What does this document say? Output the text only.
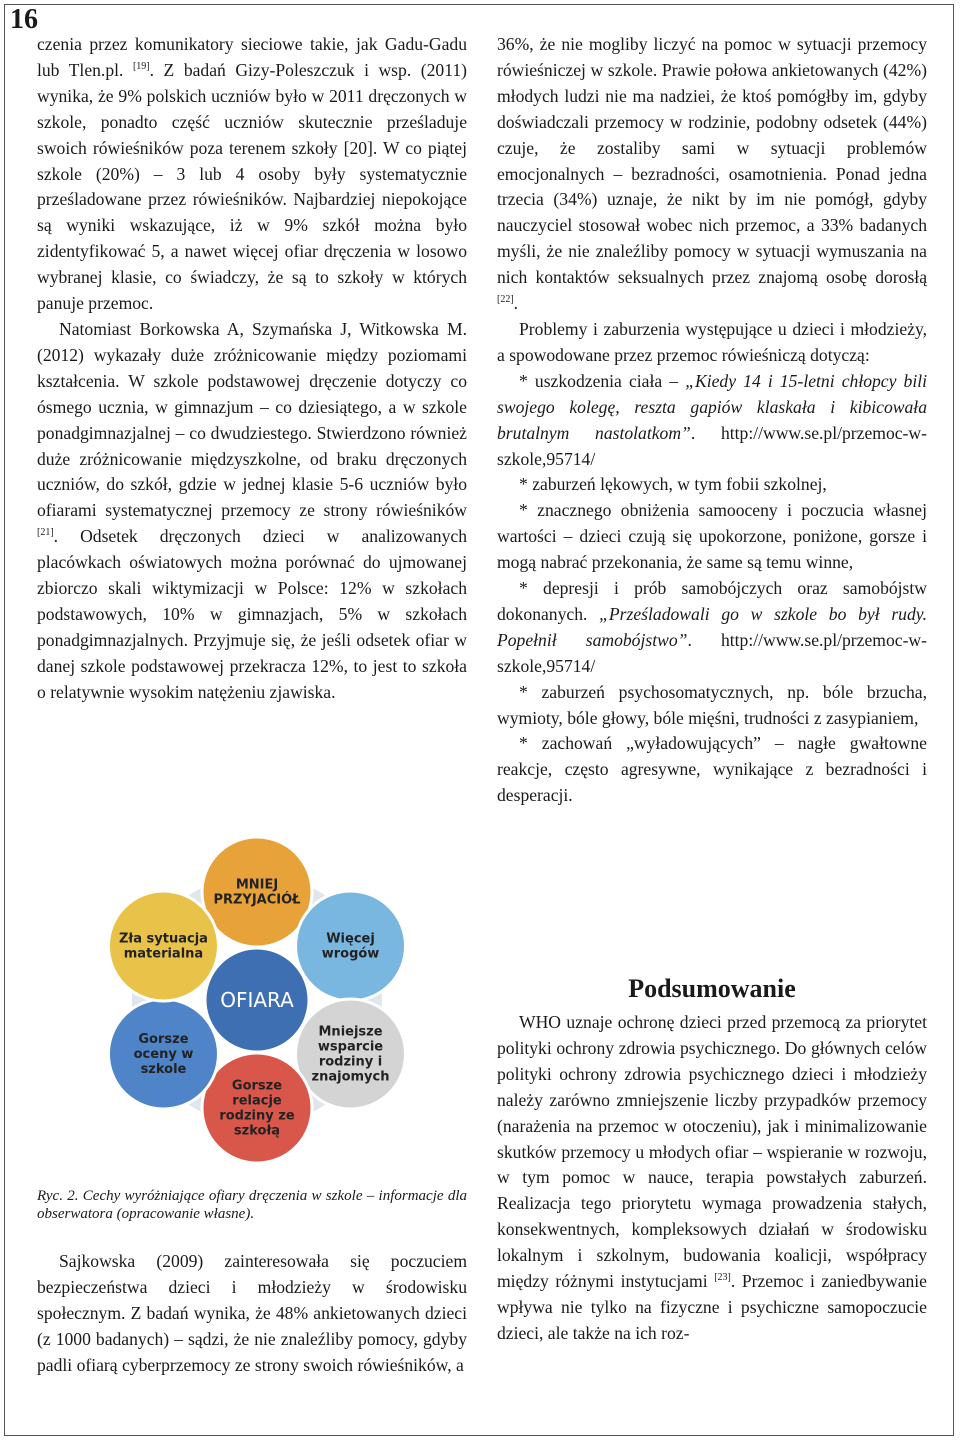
16

czenia przez komunikatory sieciowe takie, jak Gadu-Gadu lub Tlen.pl. [19]. Z badań Gizy-Poleszczuk i wsp. (2011) wynika, że 9% polskich uczniów było w 2011 dręczonych w szkole, ponadto część uczniów skutecznie prześladuje swoich rówieśników poza terenem szkoły [20]. W co piątej szkole (20%) – 3 lub 4 osoby były systematycznie prześladowane przez rówieśników. Najbardziej niepokojące są wyniki wskazujące, iż w 9% szkół można było zidentyfikować 5, a nawet więcej ofiar dręczenia w losowo wybranej klasie, co świadczy, że są to szkoły w których panuje przemoc.

Natomiast Borkowska A, Szymańska J, Witkowska M. (2012) wykazały duże zróżnicowanie między poziomami kształcenia. W szkole podstawowej dręczenie dotyczy co ósmego ucznia, w gimnazjum – co dziesiątego, a w szkole ponadgimnazjalnej – co dwudziestego. Stwierdzono również duże zróżnicowanie międzyszkolne, od braku dręczonych uczniów, do szkół, gdzie w jednej klasie 5-6 uczniów było ofiarami systematycznej przemocy ze strony rówieśników [21]. Odsetek dręczonych dzieci w analizowanych placówkach oświatowych można porównać do ujmowanej zbiorczo skali wiktymizacji w Polsce: 12% w szkołach podstawowych, 10% w gimnazjach, 5% w szkołach ponadgimnazjalnych. Przyjmuje się, że jeśli odsetek ofiar w danej szkole podstawowej przekracza 12%, to jest to szkoła o relatywnie wysokim natężeniu zjawiska.

MNIEJ PRZYJACIÓŁ
Więcej wrogów
Mniejsze wsparcie rodziny i znajomych
Gorsze relacje rodziny ze szkołą
Gorsze oceny w szkole
Zła sytuacja materialna
OFIARA
Ryc. 2. Cechy wyróżniające ofiary dręczenia w szkole – informacje dla obserwatora (opracowanie własne).

Sajkowska (2009) zainteresowała się poczuciem bezpieczeństwa dzieci i młodzieży w środowisku społecznym. Z badań wynika, że 48% ankietowanych dzieci (z 1000 badanych) – sądzi, że nie znaleźliby pomocy, gdyby padli ofiarą cyberprzemocy ze strony swoich rówieśników, a

36%, że nie mogliby liczyć na pomoc w sytuacji przemocy rówieśniczej w szkole. Prawie połowa ankietowanych (42%) młodych ludzi nie ma nadziei, że ktoś pomógłby im, gdyby doświadczali przemocy w rodzinie, podobny odsetek (44%) czuje, że zostaliby sami w sytuacji problemów emocjonalnych – bezradności, osamotnienia. Ponad jedna trzecia (34%) uznaje, że nikt by im nie pomógł, gdyby nauczyciel stosował wobec nich przemoc, a 33% badanych myśli, że nie znaleźliby pomocy w sytuacji wymuszania na nich kontaktów seksualnych przez znajomą osobę dorosłą [22].

Problemy i zaburzenia występujące u dzieci i młodzieży, a spowodowane przez przemoc rówieśniczą dotyczą:

* uszkodzenia ciała – „Kiedy 14 i 15-letni chłopcy bili swojego kolegę, reszta gapiów klaskała i kibicowała brutalnym nastolatkom”. http://www.se.pl/przemoc-w-szkole,95714/

* zaburzeń lękowych, w tym fobii szkolnej,

* znacznego obniżenia samooceny i poczucia własnej wartości – dzieci czują się upokorzone, poniżone, gorsze i mogą nabrać przekonania, że same są temu winne,

* depresji i prób samobójczych oraz samobójstw dokonanych. „Prześladowali go w szkole bo był rudy. Popełnił samobójstwo”. http://www.se.pl/przemoc-w-szkole,95714/

* zaburzeń psychosomatycznych, np. bóle brzucha, wymioty, bóle głowy, bóle mięśni, trudności z zasypianiem,

* zachowań „wyładowujących” – nagłe gwałtowne reakcje, często agresywne, wynikające z bezradności i desperacji.

Podsumowanie

WHO uznaje ochronę dzieci przed przemocą za priorytet polityki ochrony zdrowia psychicznego. Do głównych celów polityki ochrony zdrowia psychicznego dzieci i młodzieży należy zarówno zmniejszenie liczby przypadków przemocy (narażenia na przemoc w otoczeniu), jak i minimalizowanie skutków przemocy u młodych ofiar – wspieranie w rozwoju, w tym pomoc w nauce, terapia powstałych zaburzeń. Realizacja tego priorytetu wymaga prowadzenia stałych, konsekwentnych, kompleksowych działań w środowisku lokalnym i szkolnym, budowania koalicji, współpracy między różnymi instytucjami [23]. Przemoc i zaniedbywanie wpływa nie tylko na fizyczne i psychiczne samopoczucie dzieci, ale także na ich roz-
